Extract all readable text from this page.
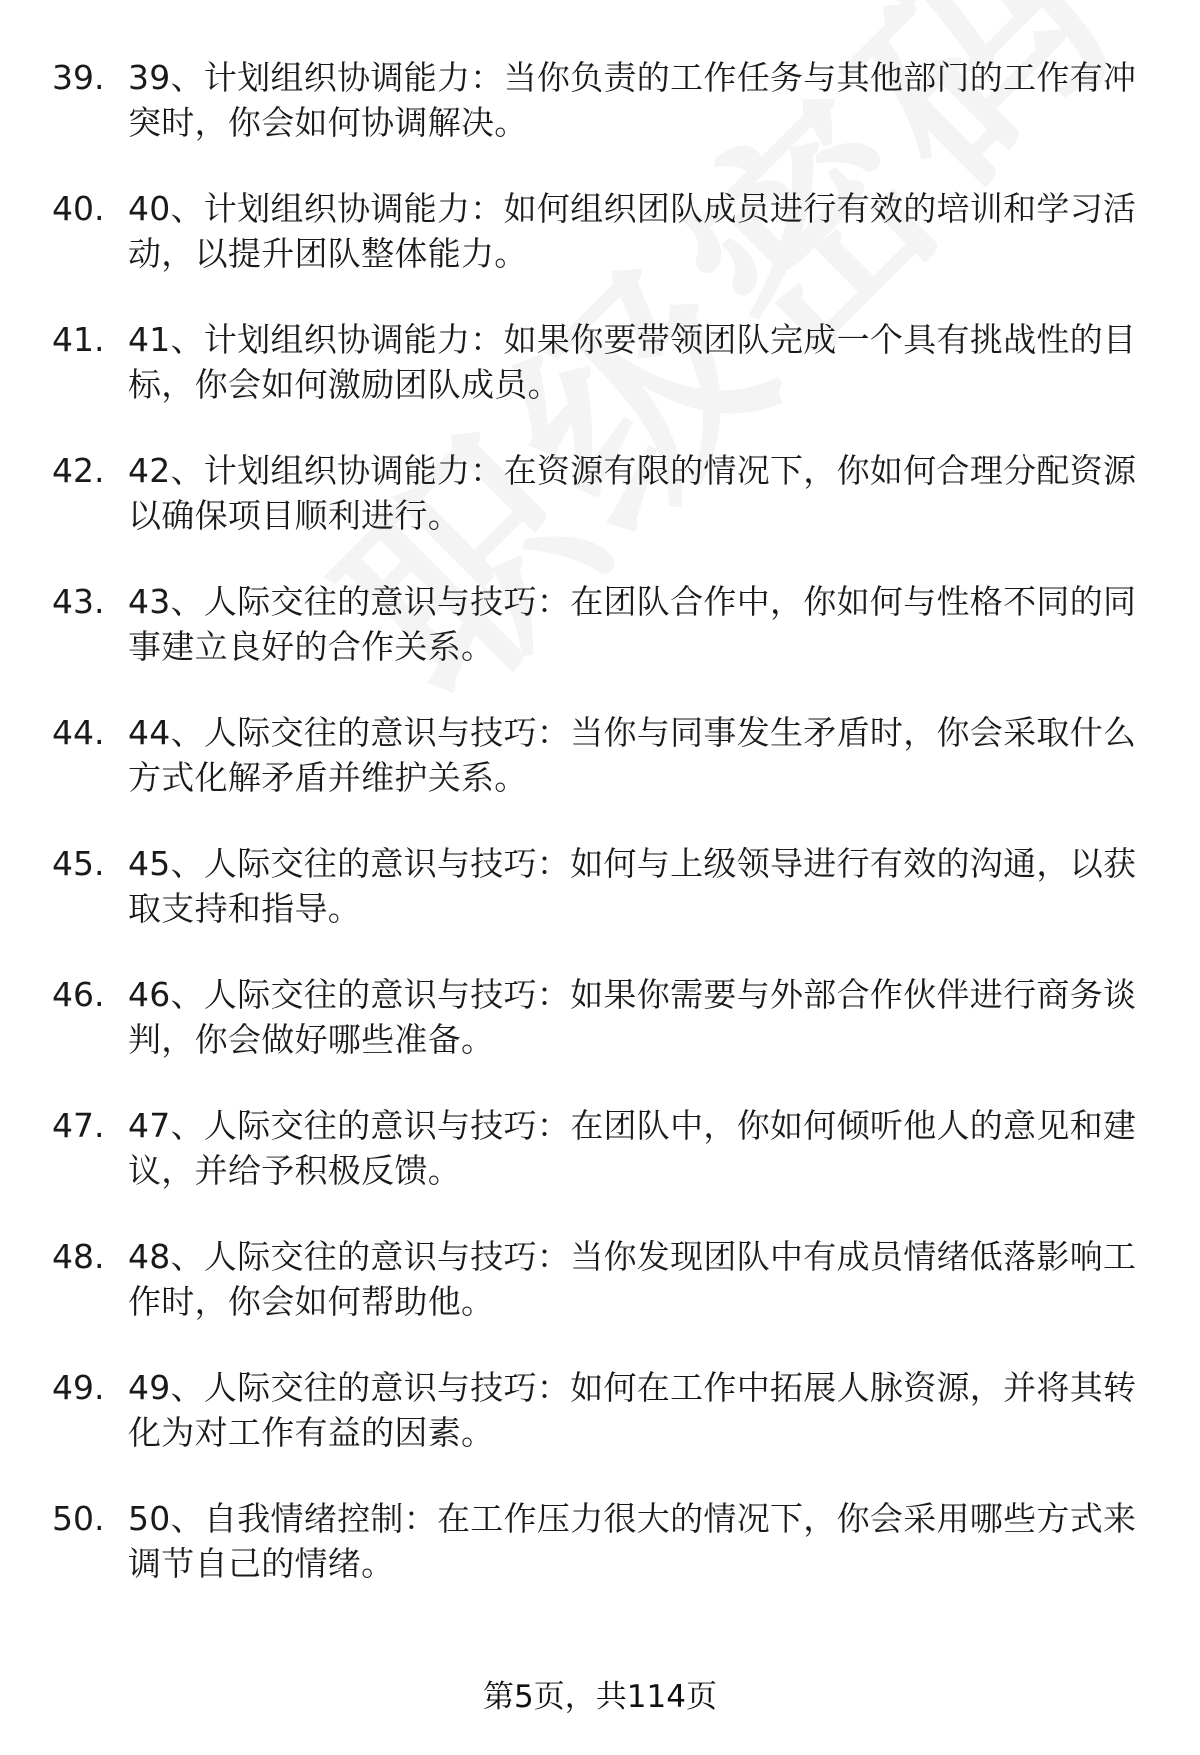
39. 39、计划组织协调能力：当你负责的工作任务与其他部门的工作有冲突时，你会如何协调解决。
40. 40、计划组织协调能力：如何组织团队成员进行有效的培训和学习活动，以提升团队整体能力。
41. 41、计划组织协调能力：如果你要带领团队完成一个具有挑战性的目标，你会如何激励团队成员。
42. 42、计划组织协调能力：在资源有限的情况下，你如何合理分配资源以确保项目顺利进行。
43. 43、人际交往的意识与技巧：在团队合作中，你如何与性格不同的同事建立良好的合作关系。
44. 44、人际交往的意识与技巧：当你与同事发生矛盾时，你会采取什么方式化解矛盾并维护关系。
45. 45、人际交往的意识与技巧：如何与上级领导进行有效的沟通，以获取支持和指导。
46. 46、人际交往的意识与技巧：如果你需要与外部合作伙伴进行商务谈判，你会做好哪些准备。
47. 47、人际交往的意识与技巧：在团队中，你如何倾听他人的意见和建议，并给予积极反馈。
48. 48、人际交往的意识与技巧：当你发现团队中有成员情绪低落影响工作时，你会如何帮助他。
49. 49、人际交往的意识与技巧：如何在工作中拓展人脉资源，并将其转化为对工作有益的因素。
50. 50、自我情绪控制：在工作压力很大的情况下，你会采用哪些方式来调节自己的情绪。
第5页，共114页
